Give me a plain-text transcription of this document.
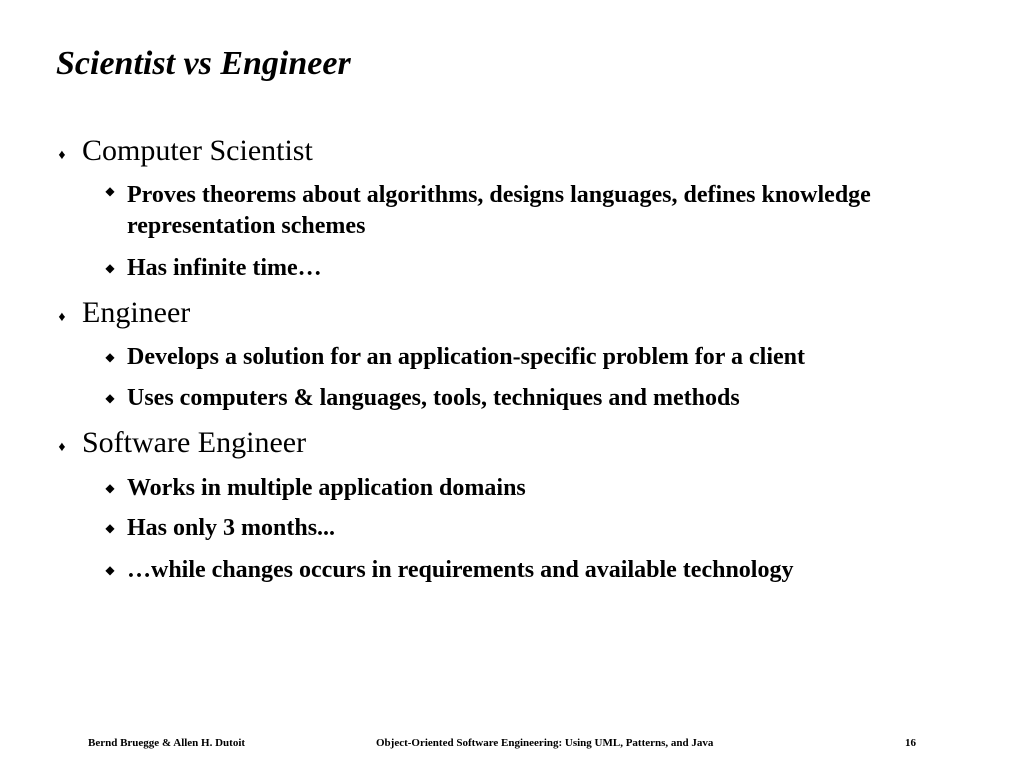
Scientist vs Engineer
♦ Computer Scientist
◆ Proves theorems about algorithms, designs languages, defines knowledge representation schemes
◆ Has infinite time…
♦ Engineer
◆ Develops a solution for an application-specific problem for a client
◆ Uses computers & languages, tools, techniques and methods
♦ Software Engineer
◆ Works in multiple application domains
◆ Has only 3 months...
◆ …while changes occurs in requirements and available technology
Bernd Bruegge & Allen H. Dutoit	Object-Oriented Software Engineering: Using UML, Patterns, and Java	16
